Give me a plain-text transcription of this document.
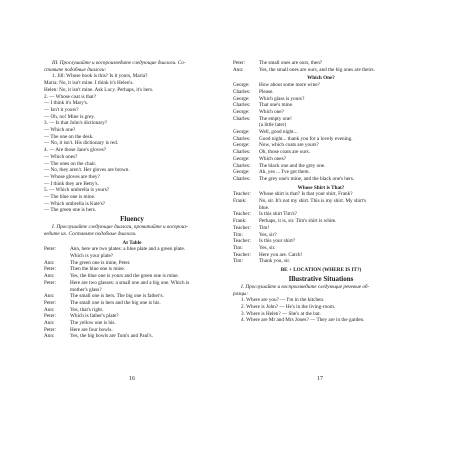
III. Прослушайте и воспроизведите следующие диалоги. Со-
ставьте подобные диалоги:
1. Jill: Whose book is this? Is it yours, Maria?
Maria: No, it isn't mine. I think it's Helen's.
Helen: No, it isn't mine. Ask Lucy. Perhaps, it's hers.
2. — Whose coat is that?
— I think it's Mary's.
— Isn't it yours?
— Oh, no! Mine is grey.
3. — Is that John's dictionary?
— Which one?
— The one on the desk.
— No, it isn't. His dictionary is red.
4. — Are those Jane's gloves?
— Which ones?
— The ones on the chair.
— No, they aren't. Her gloves are brown.
— Whose gloves are they?
— I think they are Betty's.
5. — Which umbrella is yours?
— The blue one is mine.
— Which umbrella is Kate's?
— The green one is hers.
Fluency
I. Прослушайте следующие диалоги, прочитайте и воспроиз-
ведите их. Составьте подобные диалоги.
At Table
Peter:	Ann, here are two plates: a blue plate and a green plate.
Which is your plate?
Ann:	The green one is mine, Peter.
Peter:	Then the blue one is mine.
Ann:	Yes, the blue one is yours and the green one is mine.
Peter:	Here are two glasses: a small one and a big one. Which is
mother's glass?
Ann:	The small one is hers. The big one is father's.
Peter:	The small one is hers and the big one is his.
Ann:	Yes, that's right.
Peter:	Which is father's plate?
Ann:	The yellow one is his.
Peter:	Here are four bowls.
Ann:	Yes, the big bowls are Tom's and Paul's.
16
Peter:	The small ones are ours, then?
Ann:	Yes, the small ones are ours, and the big ones are theirs.
Which One?
George:	How about some more wine?
Charles:	Please.
George:	Which glass is yours?
Charles:	That one's mine.
George:	Which one?
Charles:	The empty one!
(a little later)
George:	Well, good night...
Charles:	Good night... thank you for a lovely evening.
George:	Now, which coats are yours?
Charles:	Oh, those coats are ours.
George:	Which ones?
Charles:	The black one and the grey one.
George:	Ah, yes ... I've got them.
Charles:	The grey one's mine, and the black one's hers.
Whose Shirt is That?
Teacher:	Whose shirt is that? Is that your shirt, Frank?
Frank:	No, sir. It's not my shirt. This is my shirt. My shirt's
blue.
Teacher:	Is this shirt Tim's?
Frank:	Perhaps, it is, sir. Tim's shirt is white.
Teacher:	Tim!
Tim:	Yes, sir?
Teacher:	Is this your shirt?
Tim:	Yes, sir.
Teacher:	Here you are. Catch!
Tim:	Thank you, sir.
BE + LOCATION (WHERE IS IT?)
Illustrative Situations
I. Прослушайте и воспроизведите следующие речевые об-
разцы:
1. Where are you? — I'm in the kitchen.
2. Where is John? — He's in the living-room.
3. Where is Helen? — She's at the bar.
4. Where are Mr and Mrs Jones? — They are in the garden.
17
